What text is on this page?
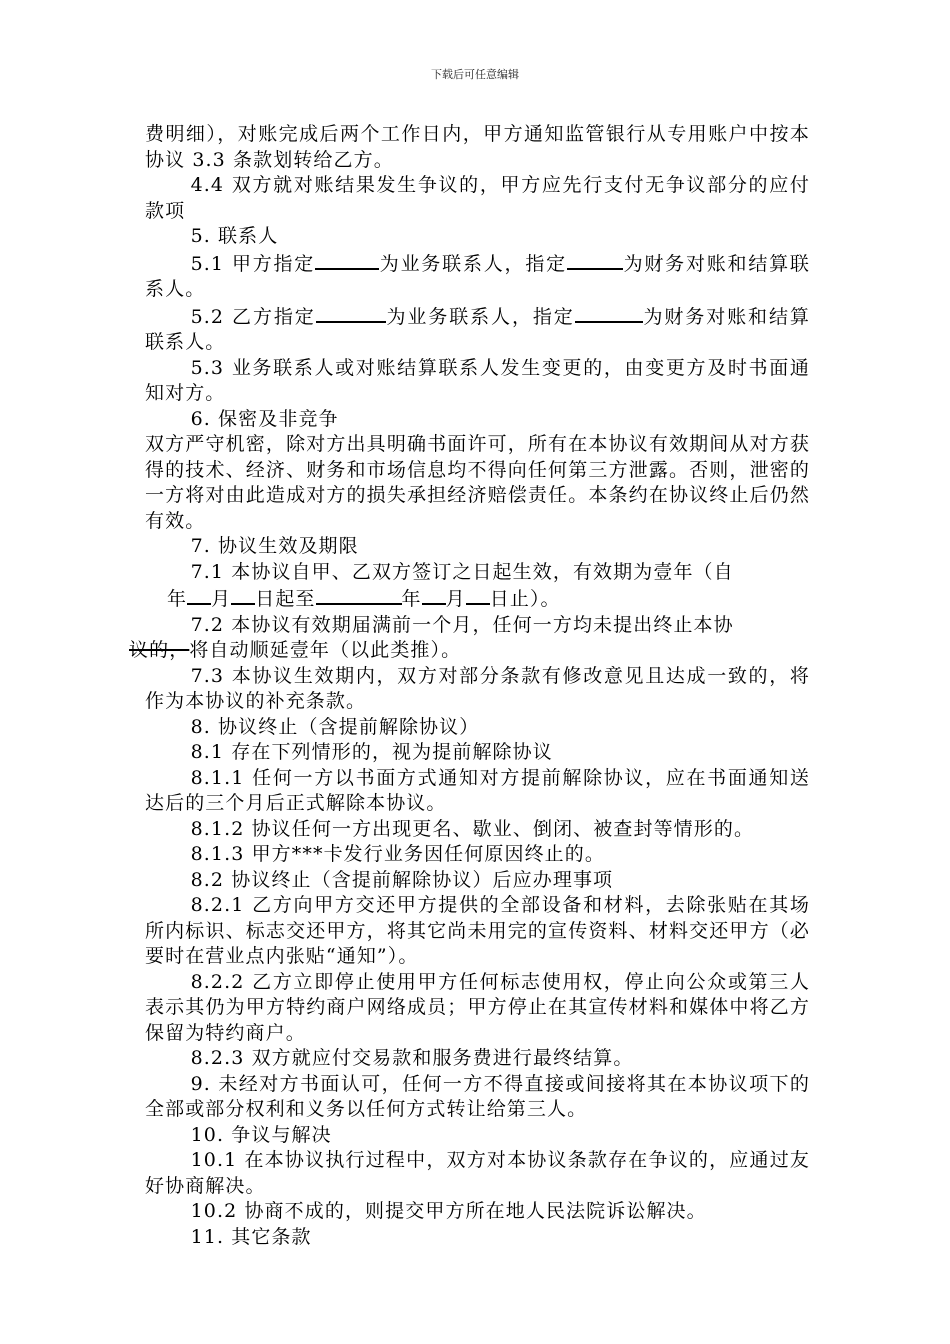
下载后可任意编辑

费明细），对账完成后两个工作日内，甲方通知监管银行从专用账户中按本协议 3.3 条款划转给乙方。

4.4 双方就对账结果发生争议的，甲方应先行支付无争议部分的应付款项

5. 联系人

5.1 甲方指定	为业务联系人，指定	为财务对账和结算联系人。

5.2 乙方指定	为业务联系人，指定	为财务对账和结算联系人。

5.3 业务联系人或对账结算联系人发生变更的，由变更方及时书面通知对方。

6. 保密及非竞争

双方严守机密，除对方出具明确书面许可，所有在本协议有效期间从对方获得的技术、经济、财务和市场信息均不得向任何第三方泄露。否则，泄密的一方将对由此造成对方的损失承担经济赔偿责任。本条约在协议终止后仍然有效。

7. 协议生效及期限

7.1 本协议自甲、乙双方签订之日起生效，有效期为壹年（自
年 月 日起至	年 月 日止）。

7.2 本协议有效期届满前一个月，任何一方均未提出终止本协
议的，将自动顺延壹年（以此类推）。

7.3 本协议生效期内，双方对部分条款有修改意见且达成一致的，将作为本协议的补充条款。

8. 协议终止（含提前解除协议）

8.1 存在下列情形的，视为提前解除协议

8.1.1 任何一方以书面方式通知对方提前解除协议，应在书面通知送达后的三个月后正式解除本协议。

8.1.2 协议任何一方出现更名、歇业、倒闭、被查封等情形的。

8.1.3 甲方***卡发行业务因任何原因终止的。

8.2 协议终止（含提前解除协议）后应办理事项

8.2.1 乙方向甲方交还甲方提供的全部设备和材料，去除张贴在其场所内标识、标志交还甲方，将其它尚未用完的宣传资料、材料交还甲方（必要时在营业点内张贴“通知”）。

8.2.2 乙方立即停止使用甲方任何标志使用权，停止向公众或第三人表示其仍为甲方特约商户网络成员；甲方停止在其宣传材料和媒体中将乙方保留为特约商户。

8.2.3 双方就应付交易款和服务费进行最终结算。

9. 未经对方书面认可，任何一方不得直接或间接将其在本协议项下的全部或部分权利和义务以任何方式转让给第三人。

10. 争议与解决

10.1 在本协议执行过程中，双方对本协议条款存在争议的，应通过友好协商解决。

10.2 协商不成的，则提交甲方所在地人民法院诉讼解决。

11. 其它条款
